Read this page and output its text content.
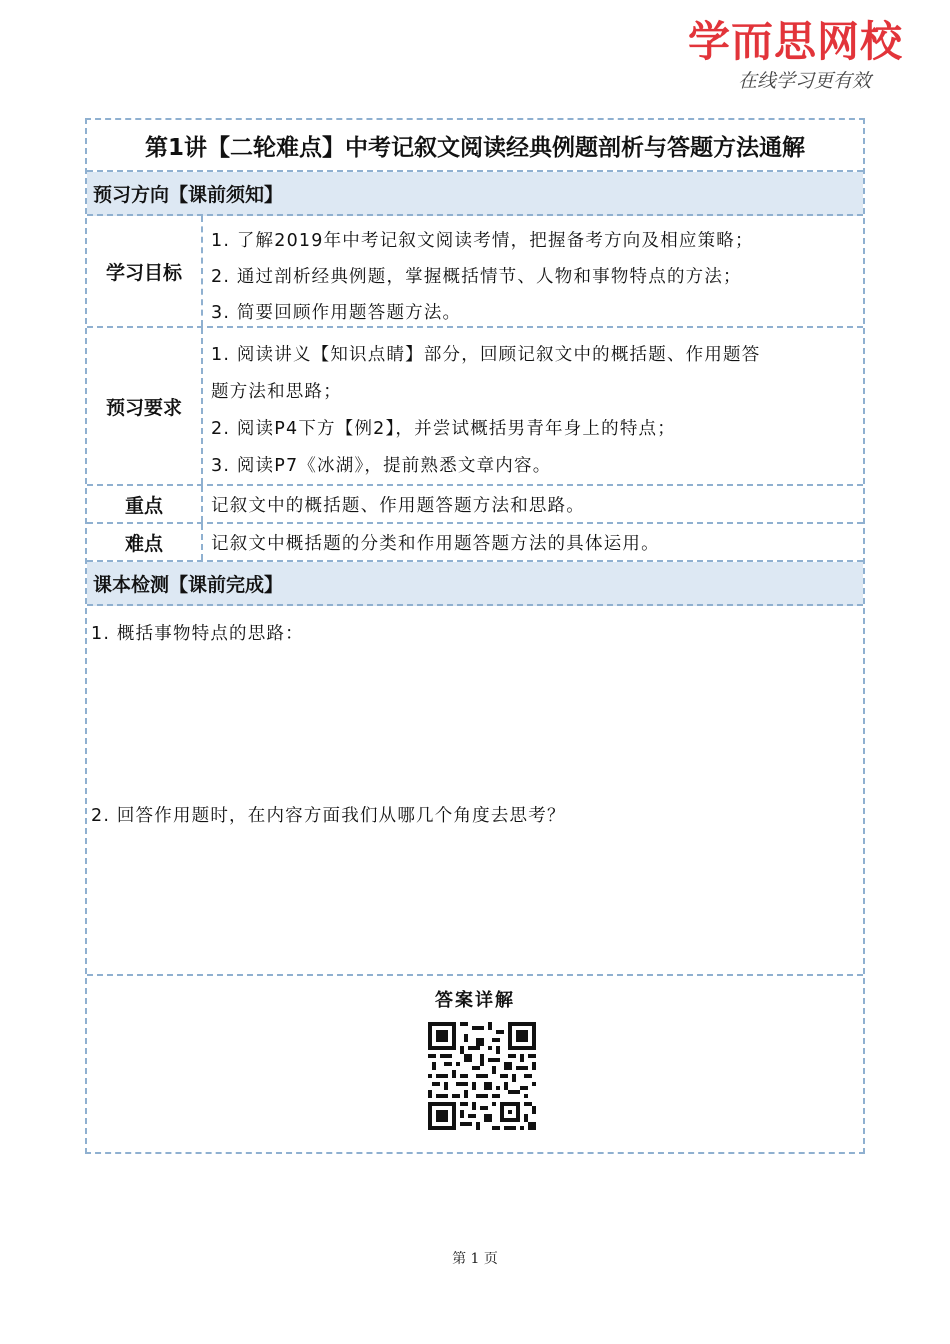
学而思网校
在线学习更有效
第1讲【二轮难点】中考记叙文阅读经典例题剖析与答题方法通解
预习方向【课前须知】
学习目标
1. 了解2019年中考记叙文阅读考情，把握备考方向及相应策略；
2. 通过剖析经典例题，掌握概括情节、人物和事物特点的方法；
3. 简要回顾作用题答题方法。
预习要求
1. 阅读讲义【知识点睛】部分，回顾记叙文中的概括题、作用题答
题方法和思路；
2. 阅读P4下方【例2】，并尝试概括男青年身上的特点；
3. 阅读P7《冰湖》，提前熟悉文章内容。
重点	记叙文中的概括题、作用题答题方法和思路。
难点	记叙文中概括题的分类和作用题答题方法的具体运用。
课本检测【课前完成】
1. 概括事物特点的思路：
2. 回答作用题时，在内容方面我们从哪几个角度去思考？
答案详解
第 1 页
